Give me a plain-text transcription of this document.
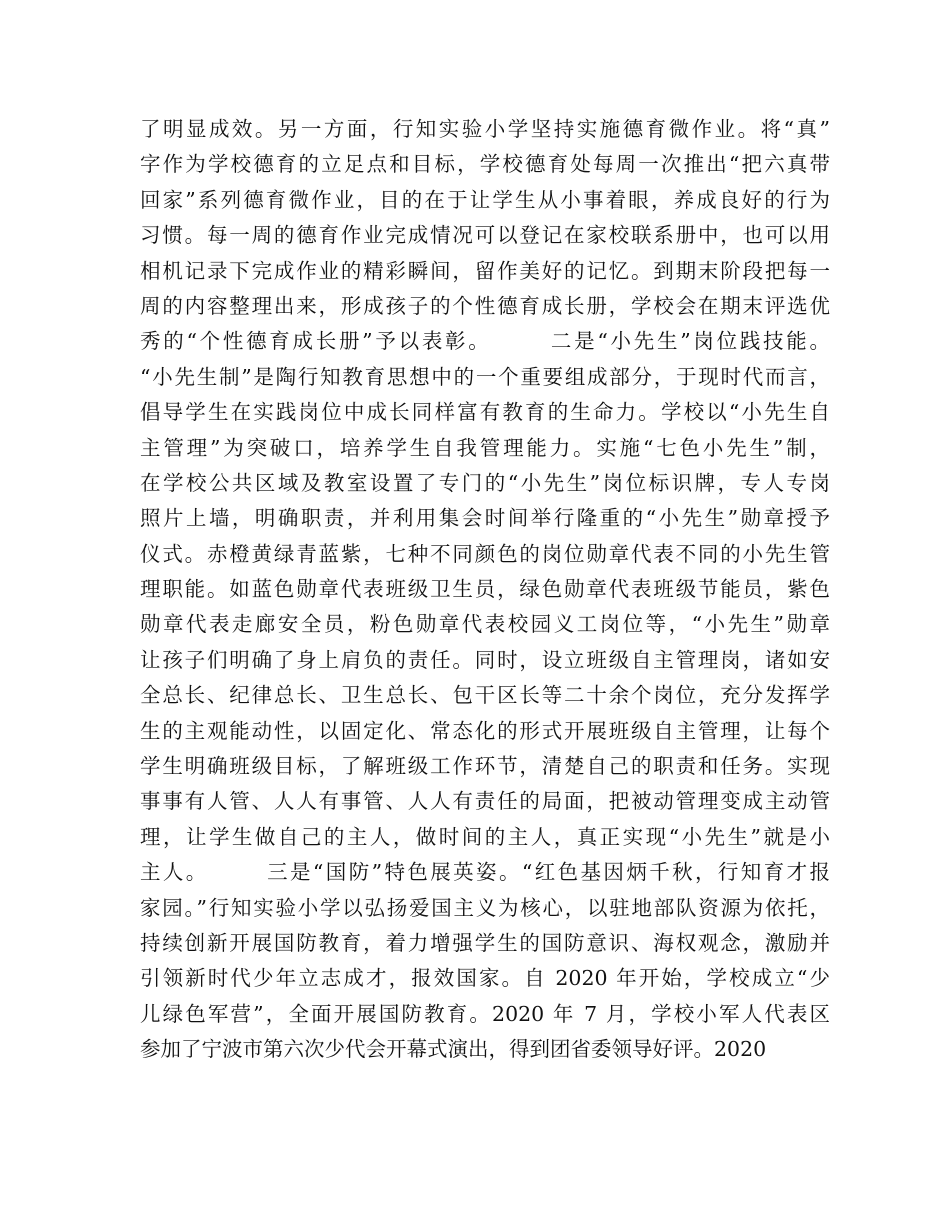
了明显成效。另一方面，行知实验小学坚持实施德育微作业。将“真”
字作为学校德育的立足点和目标，学校德育处每周一次推出“把六真带
回家”系列德育微作业，目的在于让学生从小事着眼，养成良好的行为
习惯。每一周的德育作业完成情况可以登记在家校联系册中，也可以用
相机记录下完成作业的精彩瞬间，留作美好的记忆。到期末阶段把每一
周的内容整理出来，形成孩子的个性德育成长册，学校会在期末评选优
秀的“个性德育成长册”予以表彰。　　　二是“小先生”岗位践技能。
“小先生制”是陶行知教育思想中的一个重要组成部分，于现时代而言，
倡导学生在实践岗位中成长同样富有教育的生命力。学校以“小先生自
主管理”为突破口，培养学生自我管理能力。实施“七色小先生”制，
在学校公共区域及教室设置了专门的“小先生”岗位标识牌，专人专岗
照片上墙，明确职责，并利用集会时间举行隆重的“小先生”勋章授予
仪式。赤橙黄绿青蓝紫，七种不同颜色的岗位勋章代表不同的小先生管
理职能。如蓝色勋章代表班级卫生员，绿色勋章代表班级节能员，紫色
勋章代表走廊安全员，粉色勋章代表校园义工岗位等，“小先生”勋章
让孩子们明确了身上肩负的责任。同时，设立班级自主管理岗，诸如安
全总长、纪律总长、卫生总长、包干区长等二十余个岗位，充分发挥学
生的主观能动性，以固定化、常态化的形式开展班级自主管理，让每个
学生明确班级目标，了解班级工作环节，清楚自己的职责和任务。实现
事事有人管、人人有事管、人人有责任的局面，把被动管理变成主动管
理，让学生做自己的主人，做时间的主人，真正实现“小先生”就是小
主人。　　　三是“国防”特色展英姿。“红色基因炳千秋，行知育才报
家园。”行知实验小学以弘扬爱国主义为核心，以驻地部队资源为依托，
持续创新开展国防教育，着力增强学生的国防意识、海权观念，激励并
引领新时代少年立志成才，报效国家。自 2020 年开始，学校成立“少
儿绿色军营”，全面开展国防教育。2020 年 7 月，学校小军人代表区
参加了宁波市第六次少代会开幕式演出，得到团省委领导好评。2020
